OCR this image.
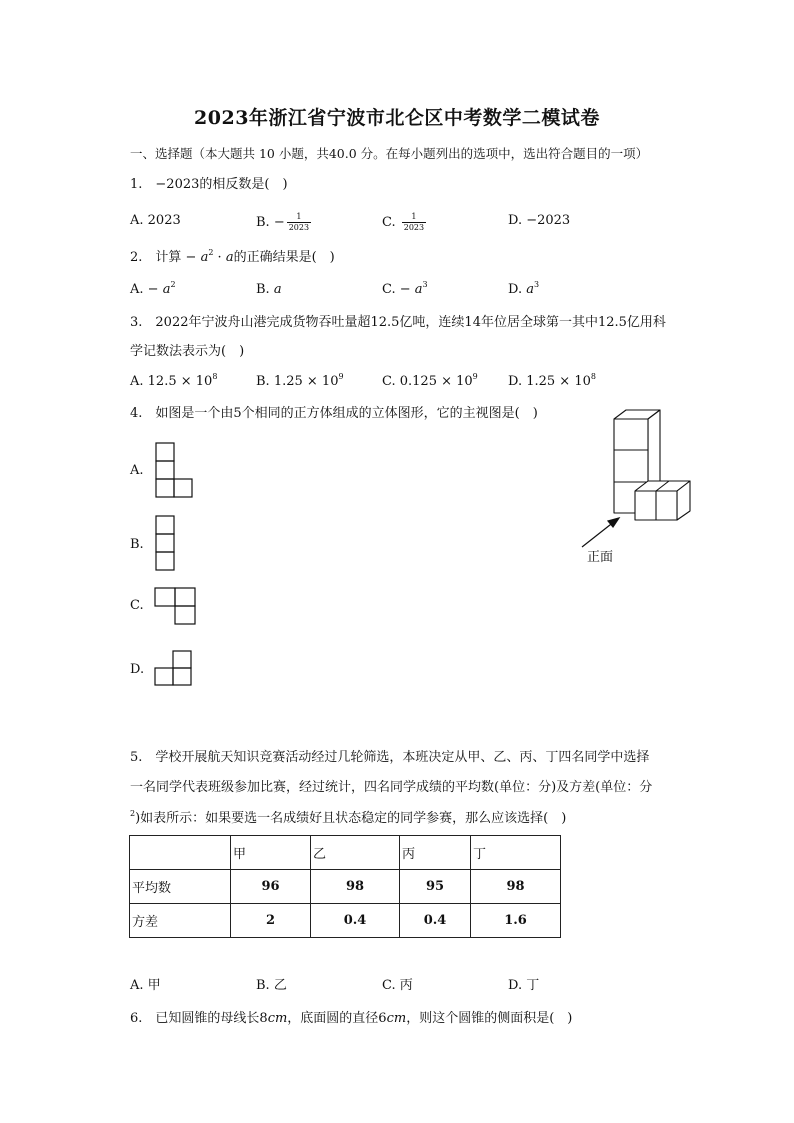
2023年浙江省宁波市北仑区中考数学二模试卷
一、选择题（本大题共 10 小题，共40.0 分。在每小题列出的选项中，选出符合题目的一项）
1.　−2023的相反数是(　)
A. 2023	B. − $\frac{1}{2023}$	C. $\frac{1}{2023}$	D. −2023
2.　计算 − $a^2 \cdot a$的正确结果是(　)
A. − $a^2$	B. a	C. − $a^3$	D. $a^3$
3.　2022年宁波舟山港完成货物吞吐量超12.5亿吨，连续14年位居全球第一其中12.5亿用科
学记数法表示为(　)
A. $12.5 \times 10^8$	B. $1.25 \times 10^9$	C. $0.125 \times 10^9$ D. $1.25 \times 10^8$
4.　如图是一个由5个相同的正方体组成的立体图形，它的主视图是(　)
A.
B.
C.
D.
正面
5.　学校开展航天知识竞赛活动经过几轮筛选，本班决定从甲、乙、丙、丁四名同学中选择
一名同学代表班级参加比赛，经过统计，四名同学成绩的平均数(单位：分)及方差(单位：分
$^2$)如表所示：如果要选一名成绩好且状态稳定的同学参赛，那么应该选择(　)
	甲	乙	丙	丁
平均数	96	98	95	98
方差	2	0.4	0.4	1.6
A. 甲	B. 乙	C. 丙	D. 丁
6.　已知圆锥的母线长8cm，底面圆的直径6cm，则这个圆锥的侧面积是(　)
